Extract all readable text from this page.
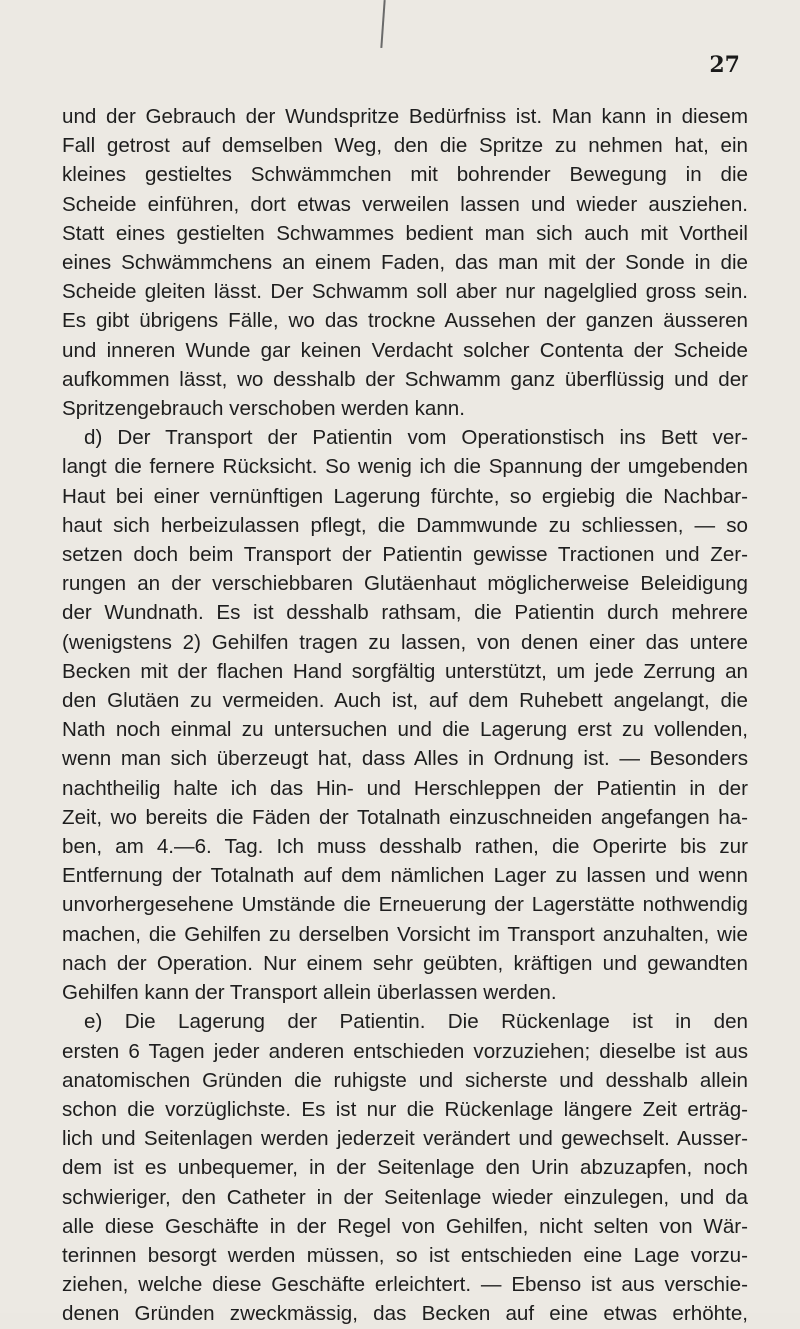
27
und der Gebrauch der Wundspritze Bedürfniss ist. Man kann in diesem
Fall getrost auf demselben Weg, den die Spritze zu nehmen hat, ein
kleines gestieltes Schwämmchen mit bohrender Bewegung in die
Scheide einführen, dort etwas verweilen lassen und wieder ausziehen.
Statt eines gestielten Schwammes bedient man sich auch mit Vortheil
eines Schwämmchens an einem Faden, das man mit der Sonde in die
Scheide gleiten lässt. Der Schwamm soll aber nur nagelglied gross sein.
Es gibt übrigens Fälle, wo das trockne Aussehen der ganzen äusseren
und inneren Wunde gar keinen Verdacht solcher Contenta der Scheide
aufkommen lässt, wo desshalb der Schwamm ganz überflüssig und der
Spritzengebrauch verschoben werden kann.
d) Der Transport der Patientin vom Operationstisch ins Bett ver-
langt die fernere Rücksicht. So wenig ich die Spannung der umgebenden
Haut bei einer vernünftigen Lagerung fürchte, so ergiebig die Nachbar-
haut sich herbeizulassen pflegt, die Dammwunde zu schliessen, — so
setzen doch beim Transport der Patientin gewisse Tractionen und Zer-
rungen an der verschiebbaren Glutäenhaut möglicherweise Beleidigung
der Wundnath. Es ist desshalb rathsam, die Patientin durch mehrere
(wenigstens 2) Gehilfen tragen zu lassen, von denen einer das untere
Becken mit der flachen Hand sorgfältig unterstützt, um jede Zerrung an
den Glutäen zu vermeiden. Auch ist, auf dem Ruhebett angelangt, die
Nath noch einmal zu untersuchen und die Lagerung erst zu vollenden,
wenn man sich überzeugt hat, dass Alles in Ordnung ist. — Besonders
nachtheilig halte ich das Hin- und Herschleppen der Patientin in der
Zeit, wo bereits die Fäden der Totalnath einzuschneiden angefangen ha-
ben, am 4.—6. Tag. Ich muss desshalb rathen, die Operirte bis zur
Entfernung der Totalnath auf dem nämlichen Lager zu lassen und wenn
unvorhergesehene Umstände die Erneuerung der Lagerstätte nothwendig
machen, die Gehilfen zu derselben Vorsicht im Transport anzuhalten, wie
nach der Operation. Nur einem sehr geübten, kräftigen und gewandten
Gehilfen kann der Transport allein überlassen werden.
e) Die Lagerung der Patientin. Die Rückenlage ist in den
ersten 6 Tagen jeder anderen entschieden vorzuziehen; dieselbe ist aus
anatomischen Gründen die ruhigste und sicherste und desshalb allein
schon die vorzüglichste. Es ist nur die Rückenlage längere Zeit erträg-
lich und Seitenlagen werden jederzeit verändert und gewechselt. Ausser-
dem ist es unbequemer, in der Seitenlage den Urin abzuzapfen, noch
schwieriger, den Catheter in der Seitenlage wieder einzulegen, und da
alle diese Geschäfte in der Regel von Gehilfen, nicht selten von Wär-
terinnen besorgt werden müssen, so ist entschieden eine Lage vorzu-
ziehen, welche diese Geschäfte erleichtert. — Ebenso ist aus verschie-
denen Gründen zweckmässig, das Becken auf eine etwas erhöhte,
